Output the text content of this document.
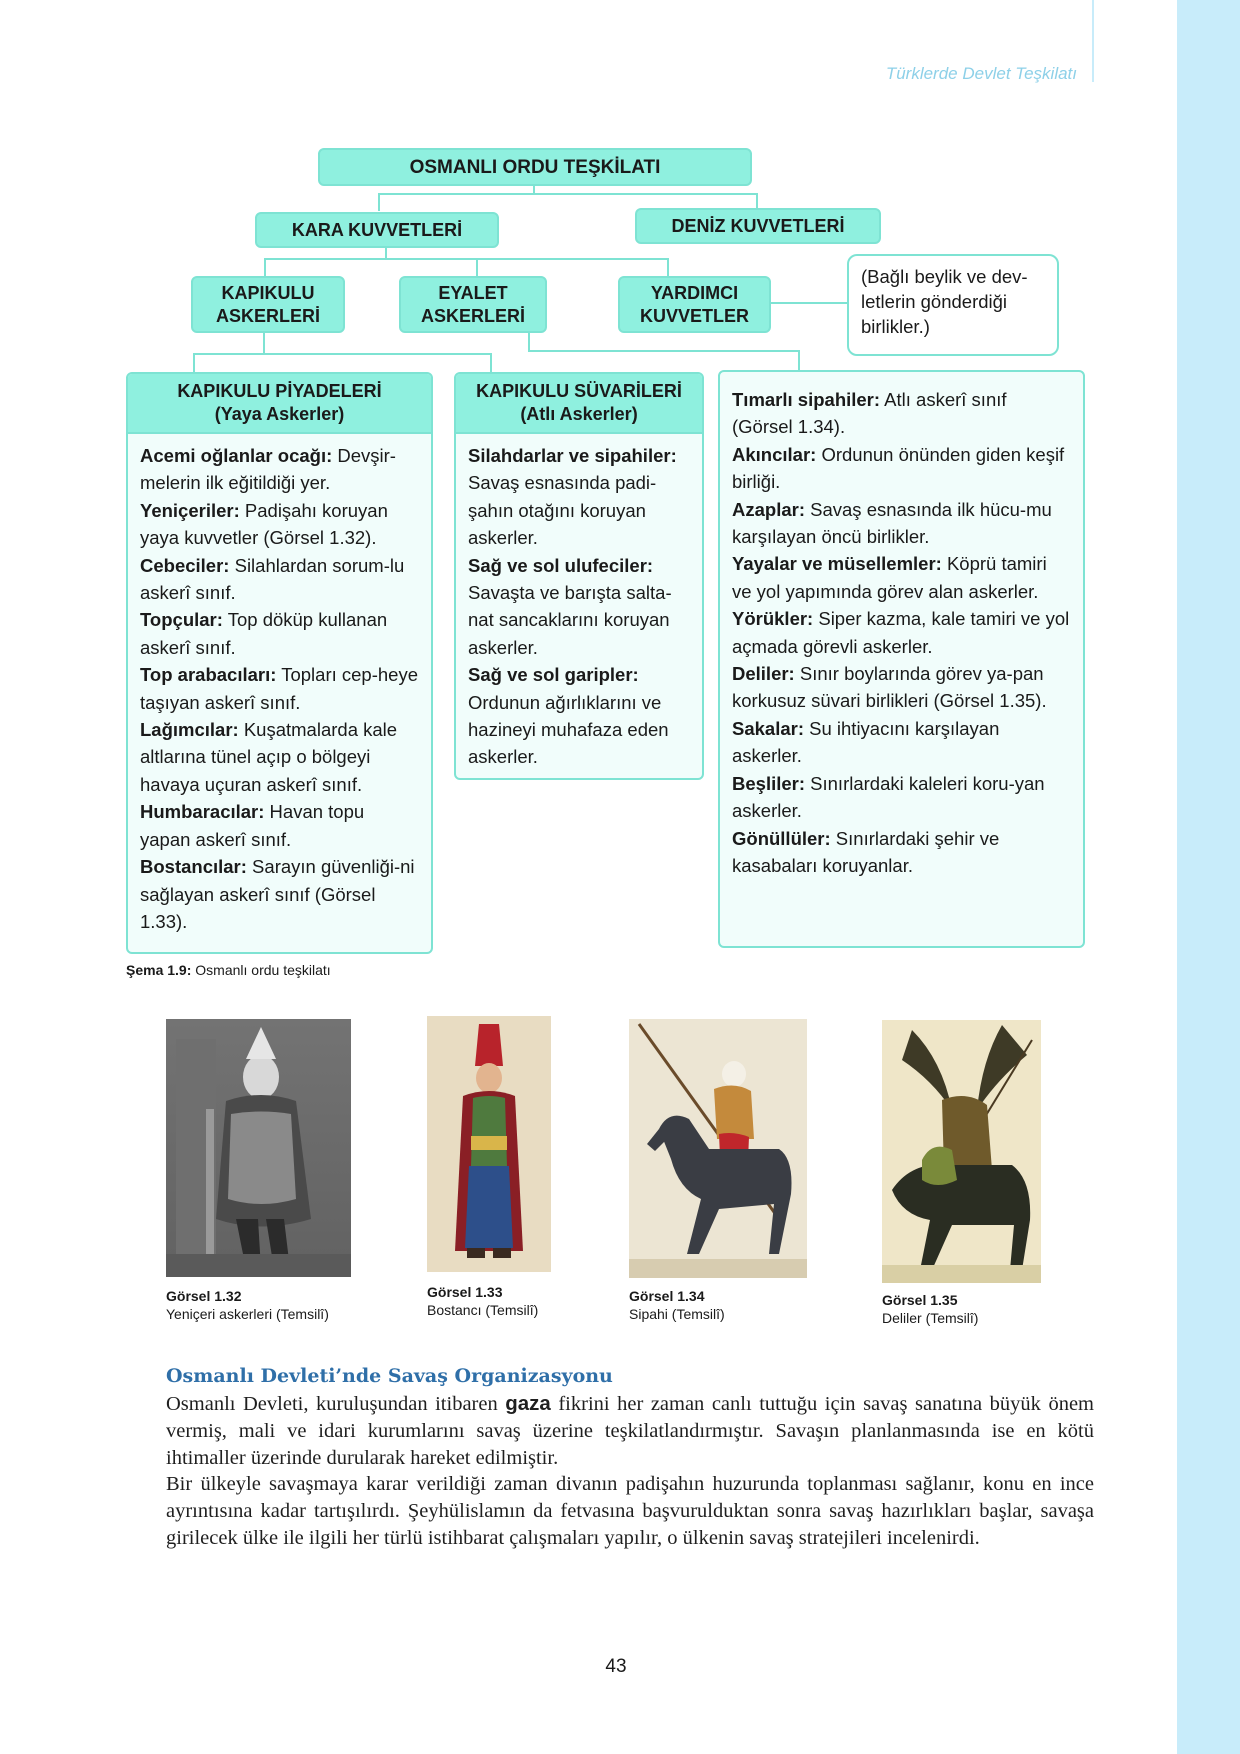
Türklerde Devlet Teşkilatı
OSMANLI ORDU TEŞKİLATI
KARA KUVVETLERİ	DENİZ KUVVETLERİ
KAPIKULU
ASKERLERİ
EYALET
ASKERLERİ
YARDIMCI
KUVVETLER
(Bağlı beylik ve dev-letlerin gönderdiği birlikler.)
KAPIKULU PİYADELERİ
(Yaya Askerler)
Acemi oğlanlar ocağı: Devşir-melerin ilk eğitildiği yer.
Yeniçeriler: Padişahı koruyan yaya kuvvetler (Görsel 1.32).
Cebeciler: Silahlardan sorum-lu askerî sınıf.
Topçular: Top döküp kullanan askerî sınıf.
Top arabacıları: Topları cep-heye taşıyan askerî sınıf.
Lağımcılar: Kuşatmalarda kale altlarına tünel açıp o bölgeyi havaya uçuran askerî sınıf.
Humbaracılar: Havan topu yapan askerî sınıf.
Bostancılar: Sarayın güvenliği-ni sağlayan askerî sınıf (Görsel 1.33).
KAPIKULU SÜVARİLERİ
(Atlı Askerler)
Silahdarlar ve sipahiler: Savaş esnasında padi-şahın otağını koruyan askerler.
Sağ ve sol ulufeciler: Savaşta ve barışta salta-nat sancaklarını koruyan askerler.
Sağ ve sol garipler: Ordunun ağırlıklarını ve hazineyi muhafaza eden askerler.
Tımarlı sipahiler: Atlı askerî sınıf (Görsel 1.34).
Akıncılar: Ordunun önünden giden keşif birliği.
Azaplar: Savaş esnasında ilk hücu-mu karşılayan öncü birlikler.
Yayalar ve müsellemler: Köprü tamiri ve yol yapımında görev alan askerler.
Yörükler: Siper kazma, kale tamiri ve yol açmada görevli askerler.
Deliler: Sınır boylarında görev ya-pan korkusuz süvari birlikleri (Görsel 1.35).
Sakalar: Su ihtiyacını karşılayan askerler.
Beşliler: Sınırlardaki kaleleri koru-yan askerler.
Gönüllüler: Sınırlardaki şehir ve kasabaları koruyanlar.
Şema 1.9: Osmanlı ordu teşkilatı
Görsel 1.32
Yeniçeri askerleri (Temsilî)
Görsel 1.33
Bostancı (Temsilî)
Görsel 1.34
Sipahi (Temsilî)
Görsel 1.35
Deliler (Temsilî)
Osmanlı Devleti’nde Savaş Organizasyonu
Osmanlı Devleti, kuruluşundan itibaren gaza fikrini her zaman canlı tuttuğu için savaş sanatına büyük önem vermiş, mali ve idari kurumlarını savaş üzerine teşkilatlandırmıştır. Savaşın planlanmasında ise en kötü ihtimaller üzerinde durularak hareket edilmiştir.
Bir ülkeyle savaşmaya karar verildiği zaman divanın padişahın huzurunda toplanması sağlanır, konu en ince ayrıntısına kadar tartışılırdı. Şeyhülislamın da fetvasına başvurulduktan sonra savaş hazırlıkları başlar, savaşa girilecek ülke ile ilgili her türlü istihbarat çalışmaları yapılır, o ülkenin savaş stratejileri incelenirdi.
43
